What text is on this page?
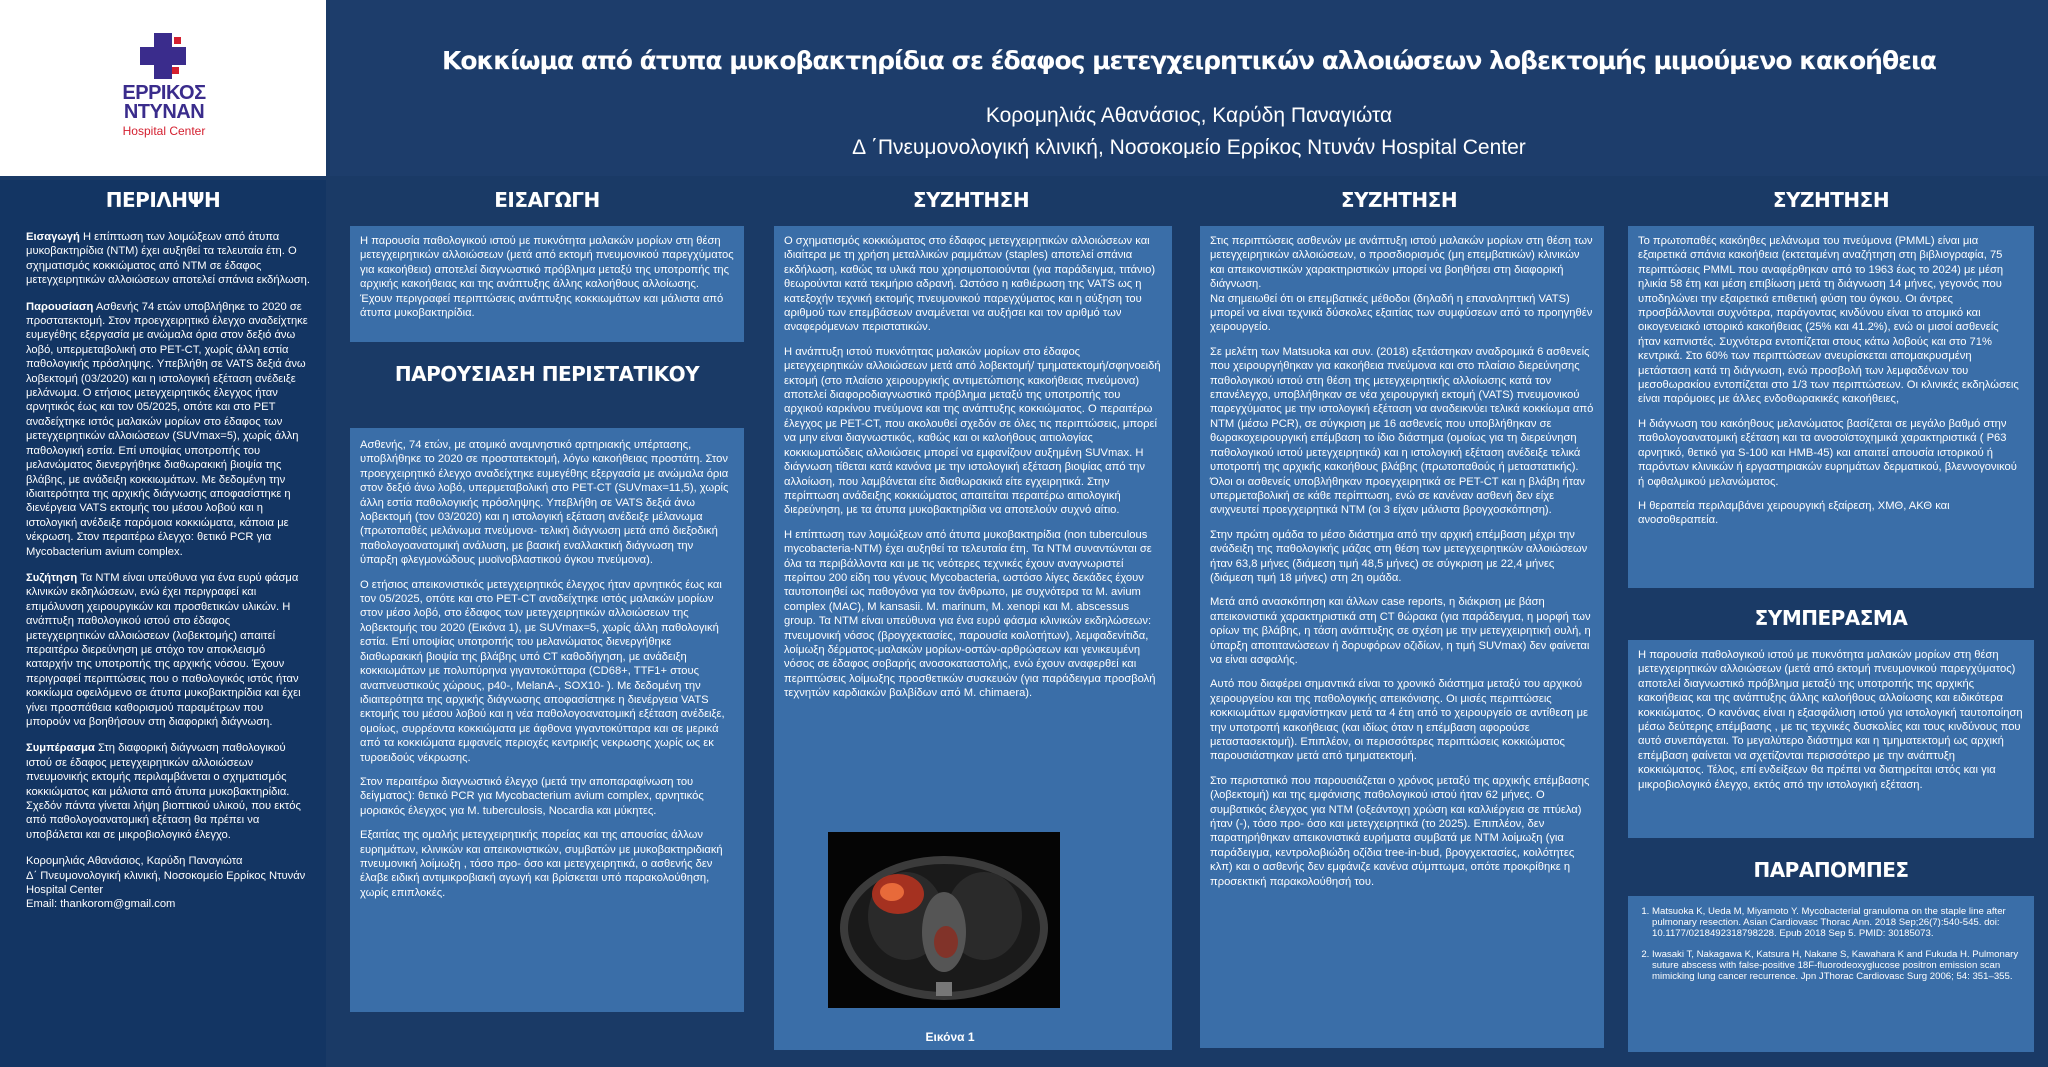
ΕΡΡΙΚΟΣ
ΝΤΥΝΑΝ
Hospital Center
Κοκκίωμα από άτυπα μυκοβακτηρίδια σε έδαφος μετεγχειρητικών αλλοιώσεων λοβεκτομής μιμούμενο κακοήθεια
Κορομηλιάς Αθανάσιος, Καρύδη Παναγιώτα
Δ ΄Πνευμονολογική κλινική, Νοσοκομείο Ερρίκος Ντυνάν Hospital Center
ΠΕΡΙΛΗΨΗ

Εισαγωγή Η επίπτωση των λοιμώξεων από άτυπα μυκοβακτηρίδια (NTM) έχει αυξηθεί τα τελευταία έτη. Ο σχηματισμός κοκκιώματος από NTM σε έδαφος μετεγχειρητικών αλλοιώσεων αποτελεί σπάνια εκδήλωση.

Παρουσίαση Ασθενής 74 ετών υποβλήθηκε το 2020 σε προστατεκτομή. Στον προεγχειρητικό έλεγχο αναδείχτηκε ευμεγέθης εξεργασία με ανώμαλα όρια στον δεξιό άνω λοβό, υπερμεταβολική στο PET-CT, χωρίς άλλη εστία παθολογικής πρόσληψης. Υπεβλήθη σε VATS δεξιά άνω λοβεκτομή (03/2020) και η ιστολογική εξέταση ανέδειξε μελάνωμα. Ο ετήσιος μετεγχειρητικός έλεγχος ήταν αρνητικός έως και τον 05/2025, οπότε και στο PET αναδείχτηκε ιστός μαλακών μορίων στο έδαφος των μετεγχειρητικών αλλοιώσεων (SUVmax=5), χωρίς άλλη παθολογική εστία. Επί υποψίας υποτροπής του μελανώματος διενεργήθηκε διαθωρακική βιοψία της βλάβης, με ανάδειξη κοκκιωμάτων. Με δεδομένη την ιδιαιτερότητα της αρχικής διάγνωσης αποφασίστηκε η διενέργεια VATS εκτομής του μέσου λοβού και η ιστολογική ανέδειξε παρόμοια κοκκιώματα, κάποια με νέκρωση. Στον περαιτέρω έλεγχο: θετικό PCR για Mycobacterium avium complex.

Συζήτηση Τα NTM είναι υπεύθυνα για ένα ευρύ φάσμα κλινικών εκδηλώσεων, ενώ έχει περιγραφεί και επιμόλυνση χειρουργικών και προσθετικών υλικών. Η ανάπτυξη παθολογικού ιστού στο έδαφος μετεγχειρητικών αλλοιώσεων (λοβεκτομής) απαιτεί περαιτέρω διερεύνηση με στόχο τον αποκλεισμό καταρχήν της υποτροπής της αρχικής νόσου. Έχουν περιγραφεί περιπτώσεις που ο παθολογικός ιστός ήταν κοκκίωμα οφειλόμενο σε άτυπα μυκοβακτηρίδια και έχει γίνει προσπάθεια καθορισμού παραμέτρων που μπορούν να βοηθήσουν στη διαφορική διάγνωση.

Συμπέρασμα Στη διαφορική διάγνωση παθολογικού ιστού σε έδαφος μετεγχειρητικών αλλοιώσεων πνευμονικής εκτομής περιλαμβάνεται ο σχηματισμός κοκκιώματος και μάλιστα από άτυπα μυκοβακτηρίδια. Σχεδόν πάντα γίνεται λήψη βιοπτικού υλικού, που εκτός από παθολογοανατομική εξέταση θα πρέπει να υποβάλεται και σε μικροβιολογικό έλεγχο.

Κορομηλιάς Αθανάσιος, Καρύδη Παναγιώτα
Δ΄ Πνευμονολογική κλινική, Νοσοκομείο Ερρίκος Ντυνάν Hospital Center
Email: thankorom@gmail.com
ΕΙΣΑΓΩΓΗ

Η παρουσία παθολογικού ιστού με πυκνότητα μαλακών μορίων στη θέση μετεγχειρητικών αλλοιώσεων (μετά από εκτομή πνευμονικού παρεγχύματος για κακοήθεια) αποτελεί διαγνωστικό πρόβλημα μεταξύ της υποτροπής της αρχικής κακοήθειας και της ανάπτυξης άλλης καλοήθους αλλοίωσης. Έχουν περιγραφεί περιπτώσεις ανάπτυξης κοκκιωμάτων και μάλιστα από άτυπα μυκοβακτηρίδια.

ΠΑΡΟΥΣΙΑΣΗ ΠΕΡΙΣΤΑΤΙΚΟΥ

Ασθενής, 74 ετών, με ατομικό αναμνηστικό αρτηριακής υπέρτασης, υποβλήθηκε το 2020 σε προστατεκτομή, λόγω κακοήθειας προστάτη. Στον προεγχειρητικό έλεγχο αναδείχτηκε ευμεγέθης εξεργασία με ανώμαλα όρια στον δεξιό άνω λοβό, υπερμεταβολική στο PET-CT (SUVmax=11,5), χωρίς άλλη εστία παθολογικής πρόσληψης. Υπεβλήθη σε VATS δεξιά άνω λοβεκτομή (τον 03/2020) και η ιστολογική εξέταση ανέδειξε μέλανωμα (πρωτοπαθές μελάνωμα πνεύμονα- τελική διάγνωση μετά από διεξοδική παθολογοανατομική ανάλυση, με βασική εναλλακτική διάγνωση την ύπαρξη φλεγμονώδους μυοϊνοβλαστικού όγκου πνεύμονα).

Ο ετήσιος απεικονιστικός μετεγχειρητικός έλεγχος ήταν αρνητικός έως και τον 05/2025, οπότε και στο PET-CT αναδείχτηκε ιστός μαλακών μορίων στον μέσο λοβό, στο έδαφος των μετεγχειρητικών αλλοιώσεων της λοβεκτομής του 2020 (Εικόνα 1), με SUVmax=5, χωρίς άλλη παθολογική εστία. Επί υποψίας υποτροπής του μελανώματος διενεργήθηκε διαθωρακική βιοψία της βλάβης υπό CT καθοδήγηση, με ανάδειξη κοκκιωμάτων με πολυπύρηνα γιγαντοκύτταρα (CD68+, TTF1+ στους αναπνευστικούς χώρους, p40-, MelanA-, SOX10- ). Με δεδομένη την ιδιαιτερότητα της αρχικής διάγνωσης αποφασίστηκε η διενέργεια VATS εκτομής του μέσου λοβού και η νέα παθολογοανατομική εξέταση ανέδειξε, ομοίως, συρρέοντα κοκκιώματα με άφθονα γιγαντοκύτταρα και σε μερικά από τα κοκκιώματα εμφανείς περιοχές κεντρικής νεκρωσης χωρίς ως εκ τυροειδούς νέκρωσης.

Στον περαιτέρω διαγνωστικό έλεγχο (μετά την αποπαραφίνωση του δείγματος): θετικό PCR για Mycobacterium avium complex, αρνητικός μοριακός έλεγχος για M. tuberculosis, Nocardia και μύκητες.

Εξαιτίας της ομαλής μετεγχειρητικής πορείας και της απουσίας άλλων ευρημάτων, κλινικών και απεικονιστικών, συμβατών με μυκοβακτηριδιακή πνευμονική λοίμωξη , τόσο προ- όσο και μετεγχειρητικά, ο ασθενής δεν έλαβε ειδική αντιμικροβιακή αγωγή και βρίσκεται υπό παρακολούθηση, χωρίς επιπλοκές.

ΣΥΖΗΤΗΣΗ

Ο σχηματισμός κοκκιώματος στο έδαφος μετεγχειρητικών αλλοιώσεων και ιδιαίτερα με τη χρήση μεταλλικών ραμμάτων (staples) αποτελεί σπάνια εκδήλωση, καθώς τα υλικά που χρησιμοποιούνται (για παράδειγμα, τιτάνιο) θεωρούνται κατά τεκμήριο αδρανή. Ωστόσο η καθιέρωση της VATS ως η κατεξοχήν τεχνική εκτομής πνευμονικού παρεγχύματος και η αύξηση του αριθμού των επεμβάσεων αναμένεται να αυξήσει και τον αριθμό των αναφερόμενων περιστατικών.

Η ανάπτυξη ιστού πυκνότητας μαλακών μορίων στο έδαφος μετεγχειρητικών αλλοιώσεων μετά από λοβεκτομή/ τμηματεκτομή/σφηνοειδή εκτομή (στο πλαίσιο χειρουργικής αντιμετώπισης κακοήθειας πνεύμονα) αποτελεί διαφοροδιαγνωστικό πρόβλημα μεταξύ της υποτροπής του αρχικού καρκίνου πνεύμονα και της ανάπτυξης κοκκιώματος. Ο περαιτέρω έλεγχος με PET-CT, που ακολουθεί σχεδόν σε όλες τις περιπτώσεις, μπορεί να μην είναι διαγνωστικός, καθώς και οι καλοήθους αιτιολογίας κοκκιωματώδεις αλλοιώσεις μπορεί να εμφανίζουν αυξημένη SUVmax. Η διάγνωση τίθεται κατά κανόνα με την ιστολογική εξέταση βιοψίας από την αλλοίωση, που λαμβάνεται είτε διαθωρακικά είτε εγχειρητικά. Στην περίπτωση ανάδειξης κοκκιώματος απαιτείται περαιτέρω αιτιολογική διερεύνηση, με τα άτυπα μυκοβακτηρίδια να αποτελούν συχνό αίτιο.

Η επίπτωση των λοιμώξεων από άτυπα μυκοβακτηρίδια (non tuberculous mycobacteria-NTM) έχει αυξηθεί τα τελευταία έτη. Τα NTM συναντώνται σε όλα τα περιβάλλοντα και με τις νεότερες τεχνικές έχουν αναγνωριστεί περίπου 200 είδη του γένους Mycobacteria, ωστόσο λίγες δεκάδες έχουν ταυτοποιηθεί ως παθογόνα για τον άνθρωπο, με συχνότερα τα M. avium complex (MAC), M kansasii. M. marinum, M. xenopi και M. abscessus group. Τα NTM είναι υπεύθυνα για ένα ευρύ φάσμα κλινικών εκδηλώσεων: πνευμονική νόσος (βρογχεκτασίες, παρουσία κοιλοτήτων), λεμφαδενίτιδα, λοίμωξη δέρματος-μαλακών μορίων-οστών-αρθρώσεων και γενικευμένη νόσος σε έδαφος σοβαρής ανοσοκαταστολής, ενώ έχουν αναφερθεί και περιπτώσεις λοίμωξης προσθετικών συσκευών (για παράδειγμα προσβολή τεχνητών καρδιακών βαλβίδων από M. chimaera).

Εικόνα 1
ΣΥΖΗΤΗΣΗ

Στις περιπτώσεις ασθενών με ανάπτυξη ιστού μαλακών μορίων στη θέση των μετεγχειρητικών αλλοιώσεων, ο προσδιορισμός (μη επεμβατικών) κλινικών και απεικονιστικών χαρακτηριστικών μπορεί να βοηθήσει στη διαφορική διάγνωση.
Να σημειωθεί ότι οι επεμβατικές μέθοδοι (δηλαδή η επαναληπτική VATS) μπορεί να είναι τεχνικά δύσκολες εξαιτίας των συμφύσεων από το προηγηθέν χειρουργείο.

Σε μελέτη των Matsuoka και συν. (2018) εξετάστηκαν αναδρομικά 6 ασθενείς που χειρουργήθηκαν για κακοήθεια πνεύμονα και στο πλαίσιο διερεύνησης παθολογικού ιστού στη θέση της μετεγχειρητικής αλλοίωσης κατά τον επανέλεγχο, υποβλήθηκαν σε νέα χειρουργική εκτομή (VATS) πνευμονικού παρεγχύματος με την ιστολογική εξέταση να αναδεικνύει τελικά κοκκίωμα από NTM (μέσω PCR), σε σύγκριση με 16 ασθενείς που υποβλήθηκαν σε θωρακοχειρουργική επέμβαση το ίδιο διάστημα (ομοίως για τη διερεύνηση παθολογικού ιστού μετεγχειρητικά) και η ιστολογική εξέταση ανέδειξε τελικά υποτροπή της αρχικής κακοήθους βλάβης (πρωτοπαθούς ή μεταστατικής). Όλοι οι ασθενείς υποβλήθηκαν προεγχειρητικά σε PET-CT και η βλάβη ήταν υπερμεταβολική σε κάθε περίπτωση, ενώ σε κανέναν ασθενή δεν είχε ανιχνευτεί προεγχειρητικά NTM (οι 3 είχαν μάλιστα βρογχοσκόπηση).

Στην πρώτη ομάδα το μέσο διάστημα από την αρχική επέμβαση μέχρι την ανάδειξη της παθολογικής μάζας στη θέση των μετεγχειρητικών αλλοιώσεων ήταν 63,8 μήνες (διάμεση τιμή 48,5 μήνες) σε σύγκριση με 22,4 μήνες (διάμεση τιμή 18 μήνες) στη 2η ομάδα.

Μετά από ανασκόπηση και άλλων case reports, η διάκριση με βάση απεικονιστικά χαρακτηριστικά στη CT θώρακα (για παράδειγμα, η μορφή των ορίων της βλάβης, η τάση ανάπτυξης σε σχέση με την μετεγχειρητική ουλή, η ύπαρξη αποτιτανώσεων ή δορυφόρων οζιδίων, η τιμή SUVmax) δεν φαίνεται να είναι ασφαλής.

Αυτό που διαφέρει σημαντικά είναι το χρονικό διάστημα μεταξύ του αρχικού χειρουργείου και της παθολογικής απεικόνισης. Οι μισές περιπτώσεις κοκκιωμάτων εμφανίστηκαν μετά τα 4 έτη από το χειρουργείο σε αντίθεση με την υποτροπή κακοήθειας (και ιδίως όταν η επέμβαση αφορούσε μεταστασεκτομή). Επιπλέον, οι περισσότερες περιπτώσεις κοκκιώματος παρουσιάστηκαν μετά από τμηματεκτομή.

Στο περιστατικό που παρουσιάζεται ο χρόνος μεταξύ της αρχικής επέμβασης (λοβεκτομή) και της εμφάνισης παθολογικού ιστού ήταν 62 μήνες. Ο συμβατικός έλεγχος για NTM (οξεάντοχη χρώση και καλλιέργεια σε πτύελα) ήταν (-), τόσο προ- όσο και μετεγχειρητικά (το 2025). Επιπλέον, δεν παρατηρήθηκαν απεικονιστικά ευρήματα συμβατά με NTM λοίμωξη (για παράδειγμα, κεντρολοβιώδη οζίδια tree-in-bud, βρογχεκτασίες, κοιλότητες κλπ) και ο ασθενής δεν εμφάνιζε κανένα σύμπτωμα, οπότε προκρίθηκε η προσεκτική παρακολούθησή του.

ΣΥΖΗΤΗΣΗ

Το πρωτοπαθές κακόηθες μελάνωμα του πνεύμονα (PMML) είναι μια εξαιρετικά σπάνια κακοήθεια (εκτεταμένη αναζήτηση στη βιβλιογραφία, 75 περιπτώσεις PMML που αναφέρθηκαν από το 1963 έως το 2024) με μέση ηλικία 58 έτη και μέση επιβίωση μετά τη διάγνωση 14 μήνες, γεγονός που υποδηλώνει την εξαιρετικά επιθετική φύση του όγκου. Οι άντρες προσβάλλονται συχνότερα, παράγοντας κινδύνου είναι το ατομικό και οικογενειακό ιστορικό κακοήθειας (25% και 41.2%), ενώ οι μισοί ασθενείς ήταν καπνιστές. Συχνότερα εντοπίζεται στους κάτω λοβούς και στο 71% κεντρικά. Στο 60% των περιπτώσεων ανευρίσκεται απομακρυσμένη μετάσταση κατά τη διάγνωση, ενώ προσβολή των λεμφαδένων του μεσοθωρακίου εντοπίζεται στο 1/3 των περιπτώσεων. Οι κλινικές εκδηλώσεις είναι παρόμοιες με άλλες ενδοθωρακικές κακοήθειες,

Η διάγνωση του κακόηθους μελανώματος βασίζεται σε μεγάλο βαθμό στην παθολογοανατομική εξέταση και τα ανοσοϊστοχημικά χαρακτηριστικά ( P63 αρνητικό, θετικό για S-100 και HMB-45) και απαιτεί απουσία ιστορικού ή παρόντων κλινικών ή εργαστηριακών ευρημάτων δερματικού, βλεννογονικού ή οφθαλμικού μελανώματος.

Η θεραπεία περιλαμβάνει χειρουργική εξαίρεση, ΧΜΘ, ΑΚΘ και ανοσοθεραπεία.

ΣΥΜΠΕΡΑΣΜΑ

Η παρουσία παθολογικού ιστού με πυκνότητα μαλακών μορίων στη θέση μετεγχειρητικών αλλοιώσεων (μετά από εκτομή πνευμονικού παρεγχύματος) αποτελεί διαγνωστικό πρόβλημα μεταξύ της υποτροπής της αρχικής κακοήθειας και της ανάπτυξης άλλης καλοήθους αλλοίωσης και ειδικότερα κοκκιώματος. Ο κανόνας είναι η εξασφάλιση ιστού για ιστολογική ταυτοποίηση μέσω δεύτερης επέμβασης , με τις τεχνικές δυσκολίες και τους κινδύνους που αυτό συνεπάγεται. Το μεγαλύτερο διάστημα και η τμηματεκτομή ως αρχική επέμβαση φαίνεται να σχετίζονται περισσότερο με την ανάπτυξη κοκκιώματος. Τέλος, επί ενδείξεων θα πρέπει να διατηρείται ιστός και για μικροβιολογικό έλεγχο, εκτός από την ιστολογική εξέταση.

ΠΑΡΑΠΟΜΠΕΣ
1. Matsuoka K, Ueda M, Miyamoto Y. Mycobacterial granuloma on the staple line after pulmonary resection. Asian Cardiovasc Thorac Ann. 2018 Sep;26(7):540-545. doi: 10.1177/0218492318798228. Epub 2018 Sep 5. PMID: 30185073.
2. Iwasaki T, Nakagawa K, Katsura H, Nakane S, Kawahara K and Fukuda H. Pulmonary suture abscess with false-positive 18F-fluorodeoxyglucose positron emission scan mimicking lung cancer recurrence. Jpn JThorac Cardiovasc Surg 2006; 54: 351–355.
